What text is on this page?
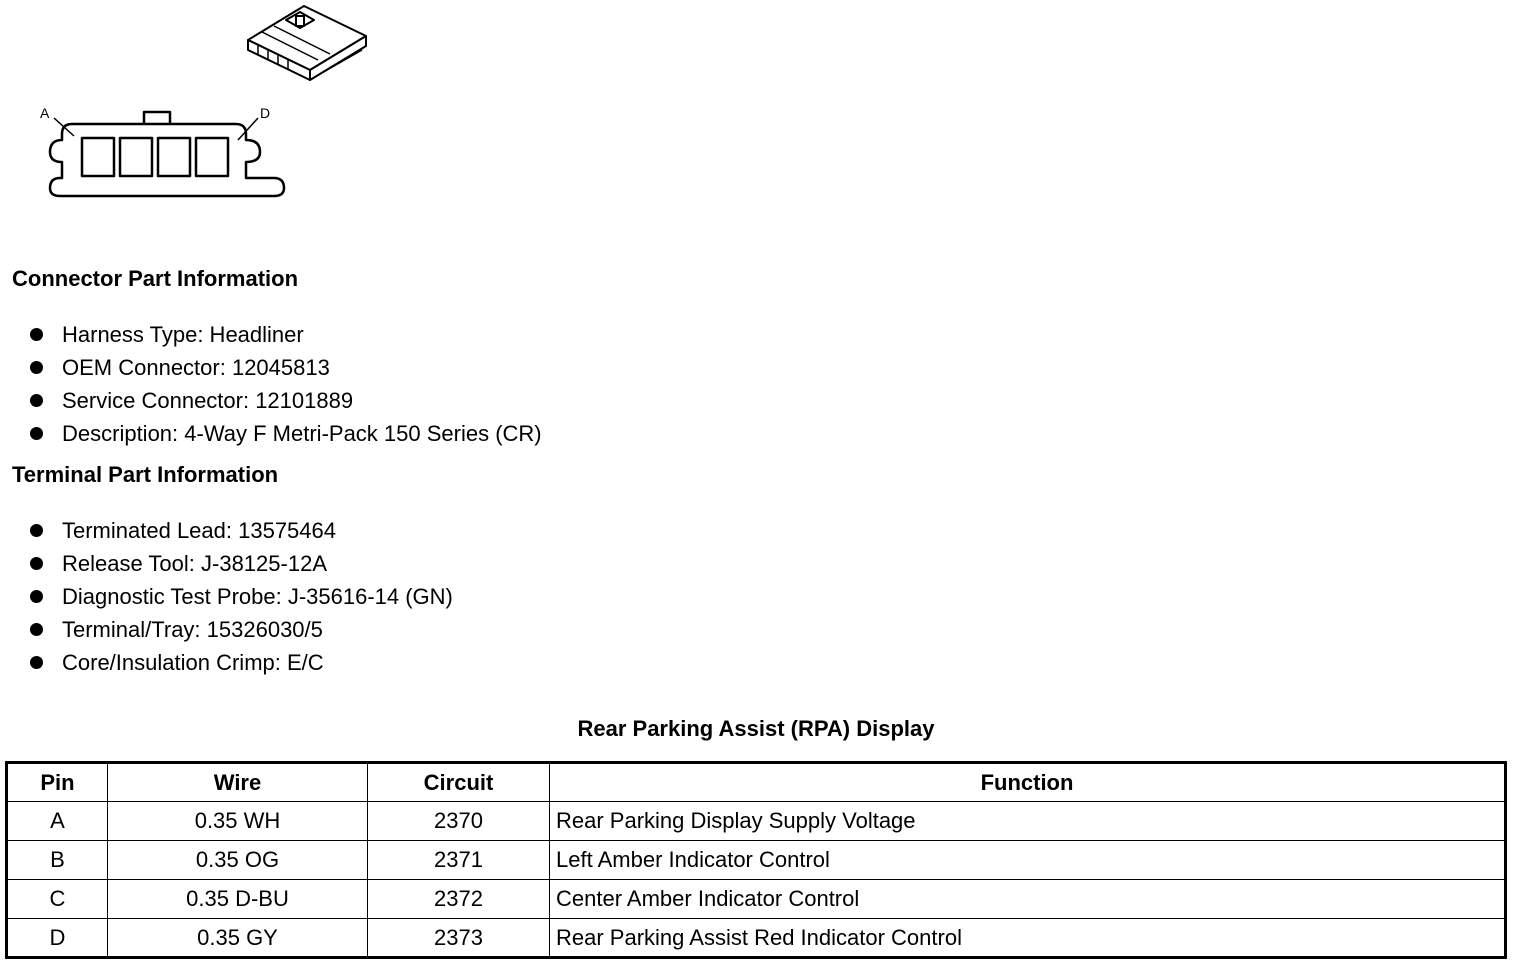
A	D
Connector Part Information
Harness Type: Headliner
OEM Connector: 12045813
Service Connector: 12101889
Description: 4-Way F Metri-Pack 150 Series (CR)
Terminal Part Information
Terminated Lead: 13575464
Release Tool: J-38125-12A
Diagnostic Test Probe: J-35616-14 (GN)
Terminal/Tray: 15326030/5
Core/Insulation Crimp: E/C
Rear Parking Assist (RPA) Display
Pin	Wire	Circuit	Function
A	0.35 WH	2370	Rear Parking Display Supply Voltage
B	0.35 OG	2371	Left Amber Indicator Control
C	0.35 D-BU	2372	Center Amber Indicator Control
D	0.35 GY	2373	Rear Parking Assist Red Indicator Control
